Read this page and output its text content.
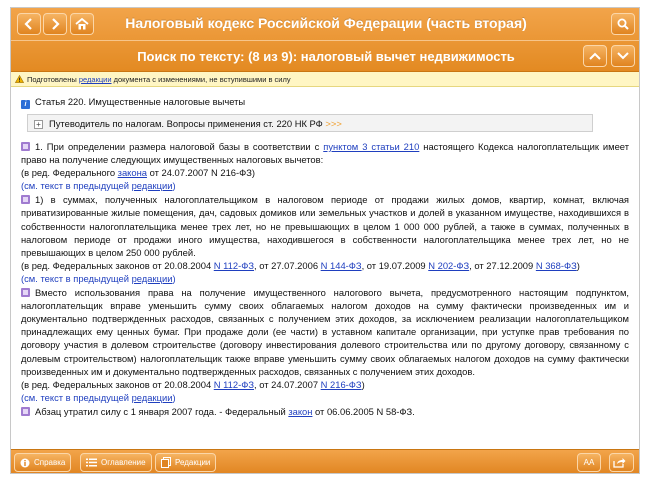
Налоговый кодекс Российской Федерации (часть вторая)
Поиск по тексту: (8 из 9): налоговый вычет недвижимость
Подготовлены редакции документа с изменениями, не вступившими в силу
i Статья 220. Имущественные налоговые вычеты
+ Путеводитель по налогам. Вопросы применения ст. 220 НК РФ >>>
1. При определении размера налоговой базы в соответствии с пунктом 3 статьи 210 настоящего Кодекса налогоплательщик имеет право на получение следующих имущественных налоговых вычетов:
(в ред. Федерального закона от 24.07.2007 N 216-ФЗ)
(см. текст в предыдущей редакции)
1) в суммах, полученных налогоплательщиком в налоговом периоде от продажи жилых домов, квартир, комнат, включая приватизированные жилые помещения, дач, садовых домиков или земельных участков и долей в указанном имуществе, находившихся в собственности налогоплательщика менее трех лет, но не превышающих в целом 1 000 000 рублей, а также в суммах, полученных в налоговом периоде от продажи иного имущества, находившегося в собственности налогоплательщика менее трех лет, но не превышающих в целом 250 000 рублей.
(в ред. Федеральных законов от 20.08.2004 N 112-ФЗ, от 27.07.2006 N 144-ФЗ, от 19.07.2009 N 202-ФЗ, от 27.12.2009 N 368-ФЗ)
(см. текст в предыдущей редакции)
Вместо использования права на получение имущественного налогового вычета, предусмотренного настоящим подпунктом, налогоплательщик вправе уменьшить сумму своих облагаемых налогом доходов на сумму фактически произведенных им и документально подтвержденных расходов, связанных с получением этих доходов, за исключением реализации налогоплательщиком принадлежащих ему ценных бумаг. При продаже доли (ее части) в уставном капитале организации, при уступке прав требования по договору участия в долевом строительстве (договору инвестирования долевого строительства или по другому договору, связанному с долевым строительством) налогоплательщик также вправе уменьшить сумму своих облагаемых налогом доходов на сумму фактически произведенных им и документально подтвержденных расходов, связанных с получением этих доходов.
(в ред. Федеральных законов от 20.08.2004 N 112-ФЗ, от 24.07.2007 N 216-ФЗ)
(см. текст в предыдущей редакции)
Абзац утратил силу с 1 января 2007 года. - Федеральный закон от 06.06.2005 N 58-ФЗ.
Справка	Оглавление	Редакции	AA
